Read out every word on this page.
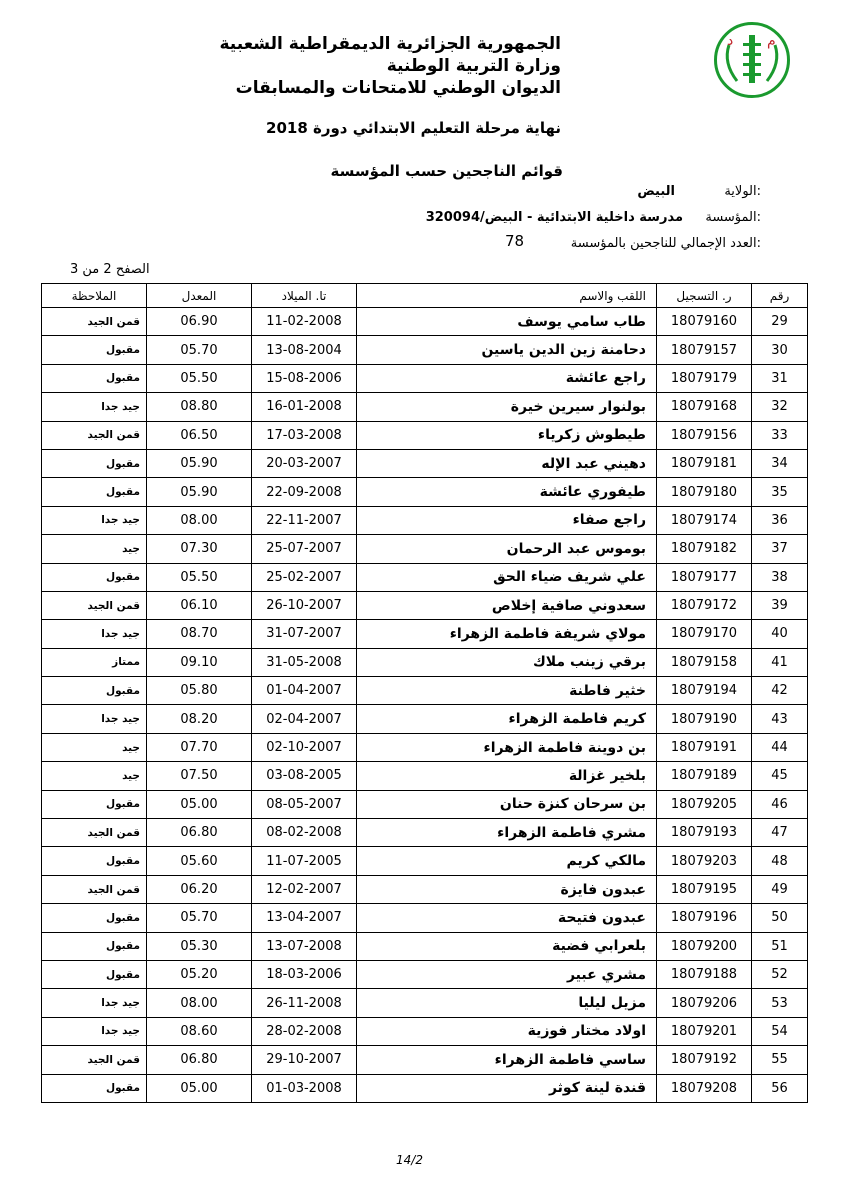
د م
الجمهورية الجزائرية الديمقراطية الشعبية
وزارة التربية الوطنية
الديوان الوطني للامتحانات والمسابقات
نهاية مرحلة التعليم الابتدائي دورة 2018
قوائم الناجحين حسب المؤسسة
الولاية:
البيض
المؤسسة:
مدرسة داخلية الابتدائية - البيض/320094
العدد الإجمالي للناجحين بالمؤسسة:
78
الصفح 2 من 3
الملاحظة	المعدل	تا. الميلاد	اللقب والاسم	ر. التسجيل	رقم
قمن الجيد	06.90	11-02-2008	طاب سامي يوسف	18079160	29
مقبول	05.70	13-08-2004	دحامنة زين الدين ياسين	18079157	30
مقبول	05.50	15-08-2006	راجع عائشة	18079179	31
جيد جدا	08.80	16-01-2008	بولنوار سيرين خيرة	18079168	32
قمن الجيد	06.50	17-03-2008	طيطوش زكرياء	18079156	33
مقبول	05.90	20-03-2007	دهيني عبد الإله	18079181	34
مقبول	05.90	22-09-2008	طيفوري عائشة	18079180	35
جيد جدا	08.00	22-11-2007	راجع صفاء	18079174	36
جيد	07.30	25-07-2007	بوموس عبد الرحمان	18079182	37
مقبول	05.50	25-02-2007	علي شريف ضياء الحق	18079177	38
قمن الجيد	06.10	26-10-2007	سعدوني صافية إخلاص	18079172	39
جيد جدا	08.70	31-07-2007	مولاي شريفة فاطمة الزهراء	18079170	40
ممتاز	09.10	31-05-2008	برقي زينب ملاك	18079158	41
مقبول	05.80	01-04-2007	خثير فاطنة	18079194	42
جيد جدا	08.20	02-04-2007	كريم فاطمة الزهراء	18079190	43
جيد	07.70	02-10-2007	بن دوينة فاطمة الزهراء	18079191	44
جيد	07.50	03-08-2005	بلخير غزالة	18079189	45
مقبول	05.00	08-05-2007	بن سرحان كنزة حنان	18079205	46
قمن الجيد	06.80	08-02-2008	مشري فاطمة الزهراء	18079193	47
مقبول	05.60	11-07-2005	مالكي كريم	18079203	48
قمن الجيد	06.20	12-02-2007	عبدون فايزة	18079195	49
مقبول	05.70	13-04-2007	عبدون فتيحة	18079196	50
مقبول	05.30	13-07-2008	بلعرابي فضية	18079200	51
مقبول	05.20	18-03-2006	مشري عبير	18079188	52
جيد جدا	08.00	26-11-2008	مزيل ليليا	18079206	53
جيد جدا	08.60	28-02-2008	اولاد مختار فوزية	18079201	54
قمن الجيد	06.80	29-10-2007	ساسي فاطمة الزهراء	18079192	55
مقبول	05.00	01-03-2008	قندة لينة كوثر	18079208	56
14/2
